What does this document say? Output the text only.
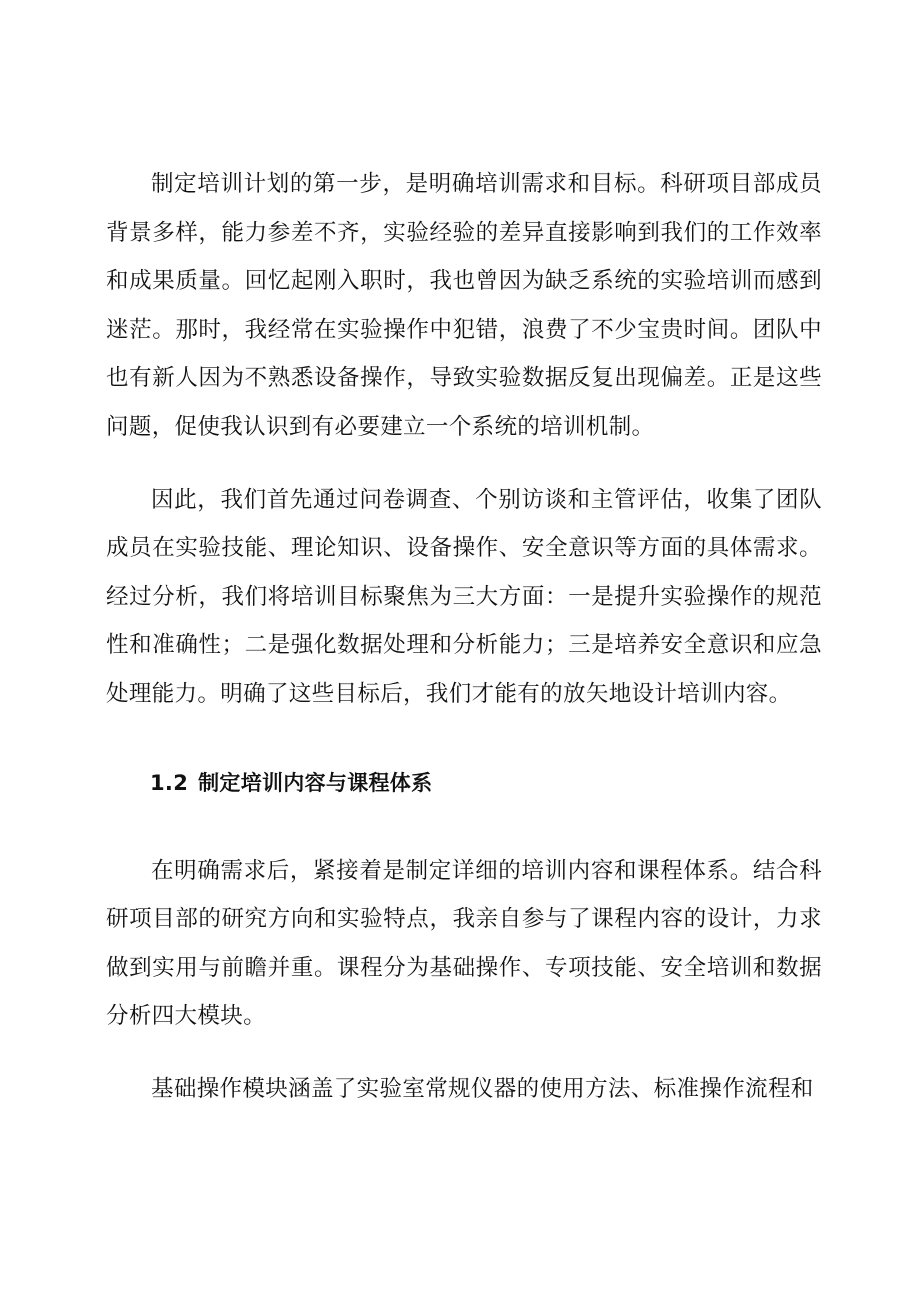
制定培训计划的第一步，是明确培训需求和目标。科研项目部成员背景多样，能力参差不齐，实验经验的差异直接影响到我们的工作效率和成果质量。回忆起刚入职时，我也曾因为缺乏系统的实验培训而感到迷茫。那时，我经常在实验操作中犯错，浪费了不少宝贵时间。团队中也有新人因为不熟悉设备操作，导致实验数据反复出现偏差。正是这些问题，促使我认识到有必要建立一个系统的培训机制。

因此，我们首先通过问卷调查、个别访谈和主管评估，收集了团队成员在实验技能、理论知识、设备操作、安全意识等方面的具体需求。经过分析，我们将培训目标聚焦为三大方面：一是提升实验操作的规范性和准确性；二是强化数据处理和分析能力；三是培养安全意识和应急处理能力。明确了这些目标后，我们才能有的放矢地设计培训内容。

1.2 制定培训内容与课程体系

在明确需求后，紧接着是制定详细的培训内容和课程体系。结合科研项目部的研究方向和实验特点，我亲自参与了课程内容的设计，力求做到实用与前瞻并重。课程分为基础操作、专项技能、安全培训和数据分析四大模块。

基础操作模块涵盖了实验室常规仪器的使用方法、标准操作流程和
